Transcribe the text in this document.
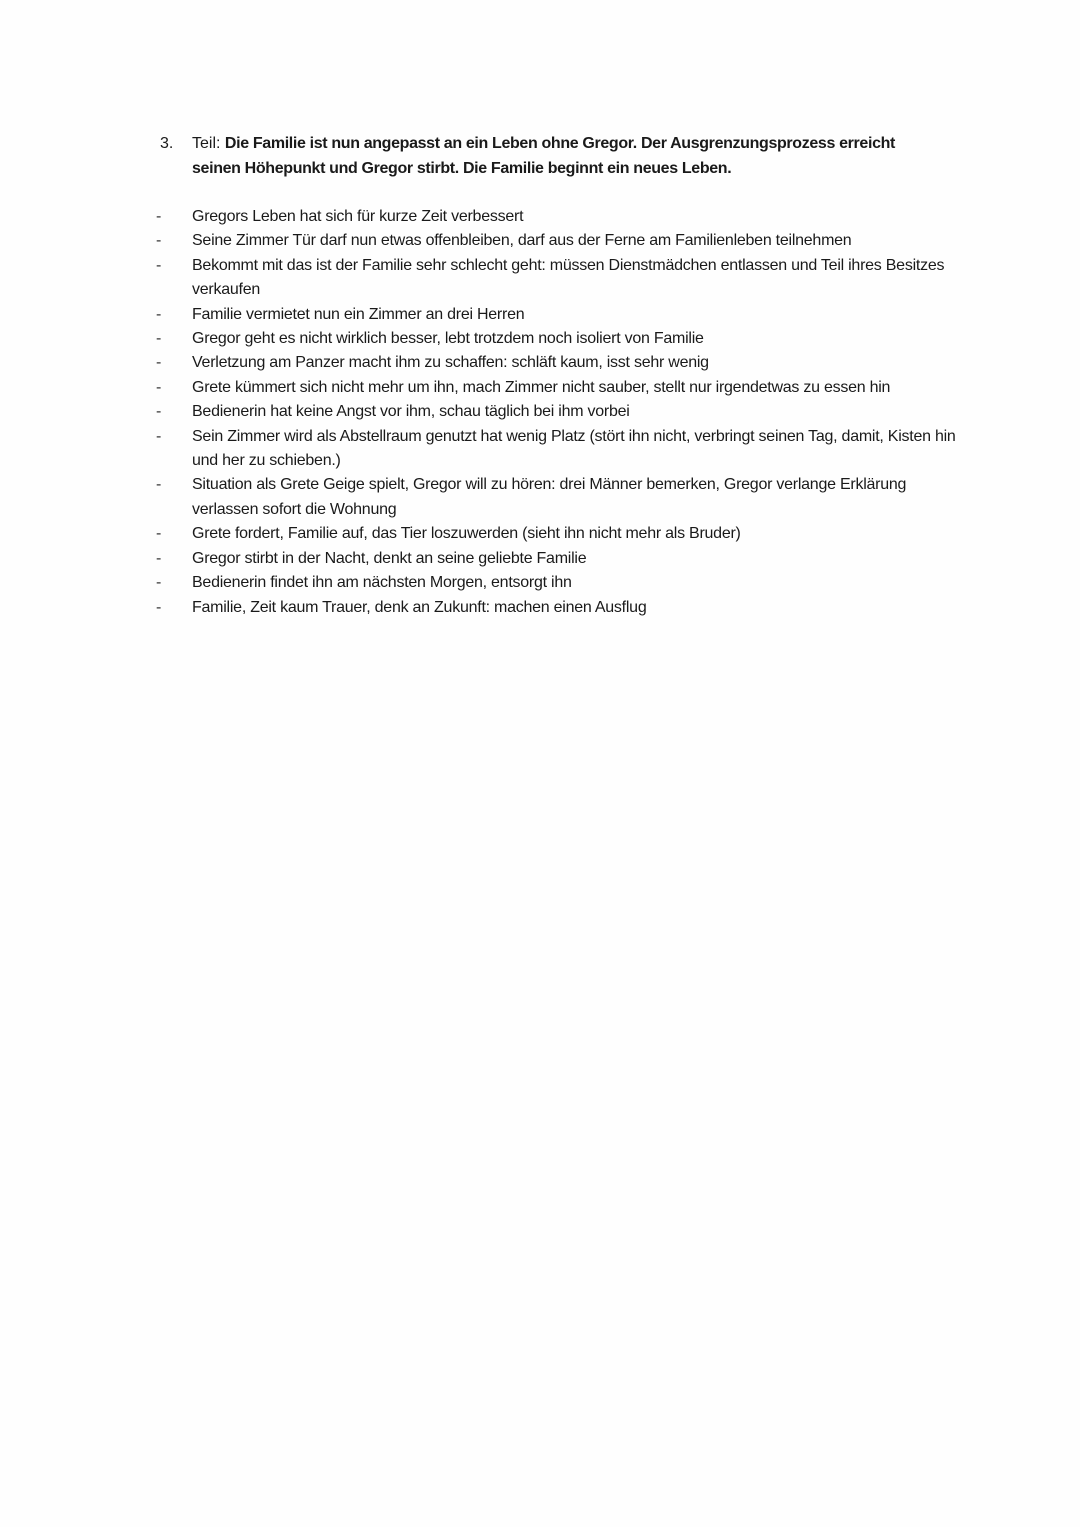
3.	Teil: Die Familie ist nun angepasst an ein Leben ohne Gregor. Der Ausgrenzungsprozess erreicht seinen Höhepunkt und Gregor stirbt. Die Familie beginnt ein neues Leben.
-	Gregors Leben hat sich für kurze Zeit verbessert
-	Seine Zimmer Tür darf nun etwas offenbleiben, darf aus der Ferne am Familienleben teilnehmen
-	Bekommt mit das ist der Familie sehr schlecht geht: müssen Dienstmädchen entlassen und Teil ihres Besitzes verkaufen
-	Familie vermietet nun ein Zimmer an drei Herren
-	Gregor geht es nicht wirklich besser, lebt trotzdem noch isoliert von Familie
-	Verletzung am Panzer macht ihm zu schaffen: schläft kaum, isst sehr wenig
-	Grete kümmert sich nicht mehr um ihn, mach Zimmer nicht sauber, stellt nur irgendetwas zu essen hin
-	Bedienerin hat keine Angst vor ihm, schau täglich bei ihm vorbei
-	Sein Zimmer wird als Abstellraum genutzt hat wenig Platz (stört ihn nicht, verbringt seinen Tag, damit, Kisten hin und her zu schieben.)
-	Situation als Grete Geige spielt, Gregor will zu hören: drei Männer bemerken, Gregor verlange Erklärung verlassen sofort die Wohnung
-	Grete fordert, Familie auf, das Tier loszuwerden (sieht ihn nicht mehr als Bruder)
-	Gregor stirbt in der Nacht, denkt an seine geliebte Familie
-	Bedienerin findet ihn am nächsten Morgen, entsorgt ihn
-	Familie, Zeit kaum Trauer, denk an Zukunft: machen einen Ausflug
